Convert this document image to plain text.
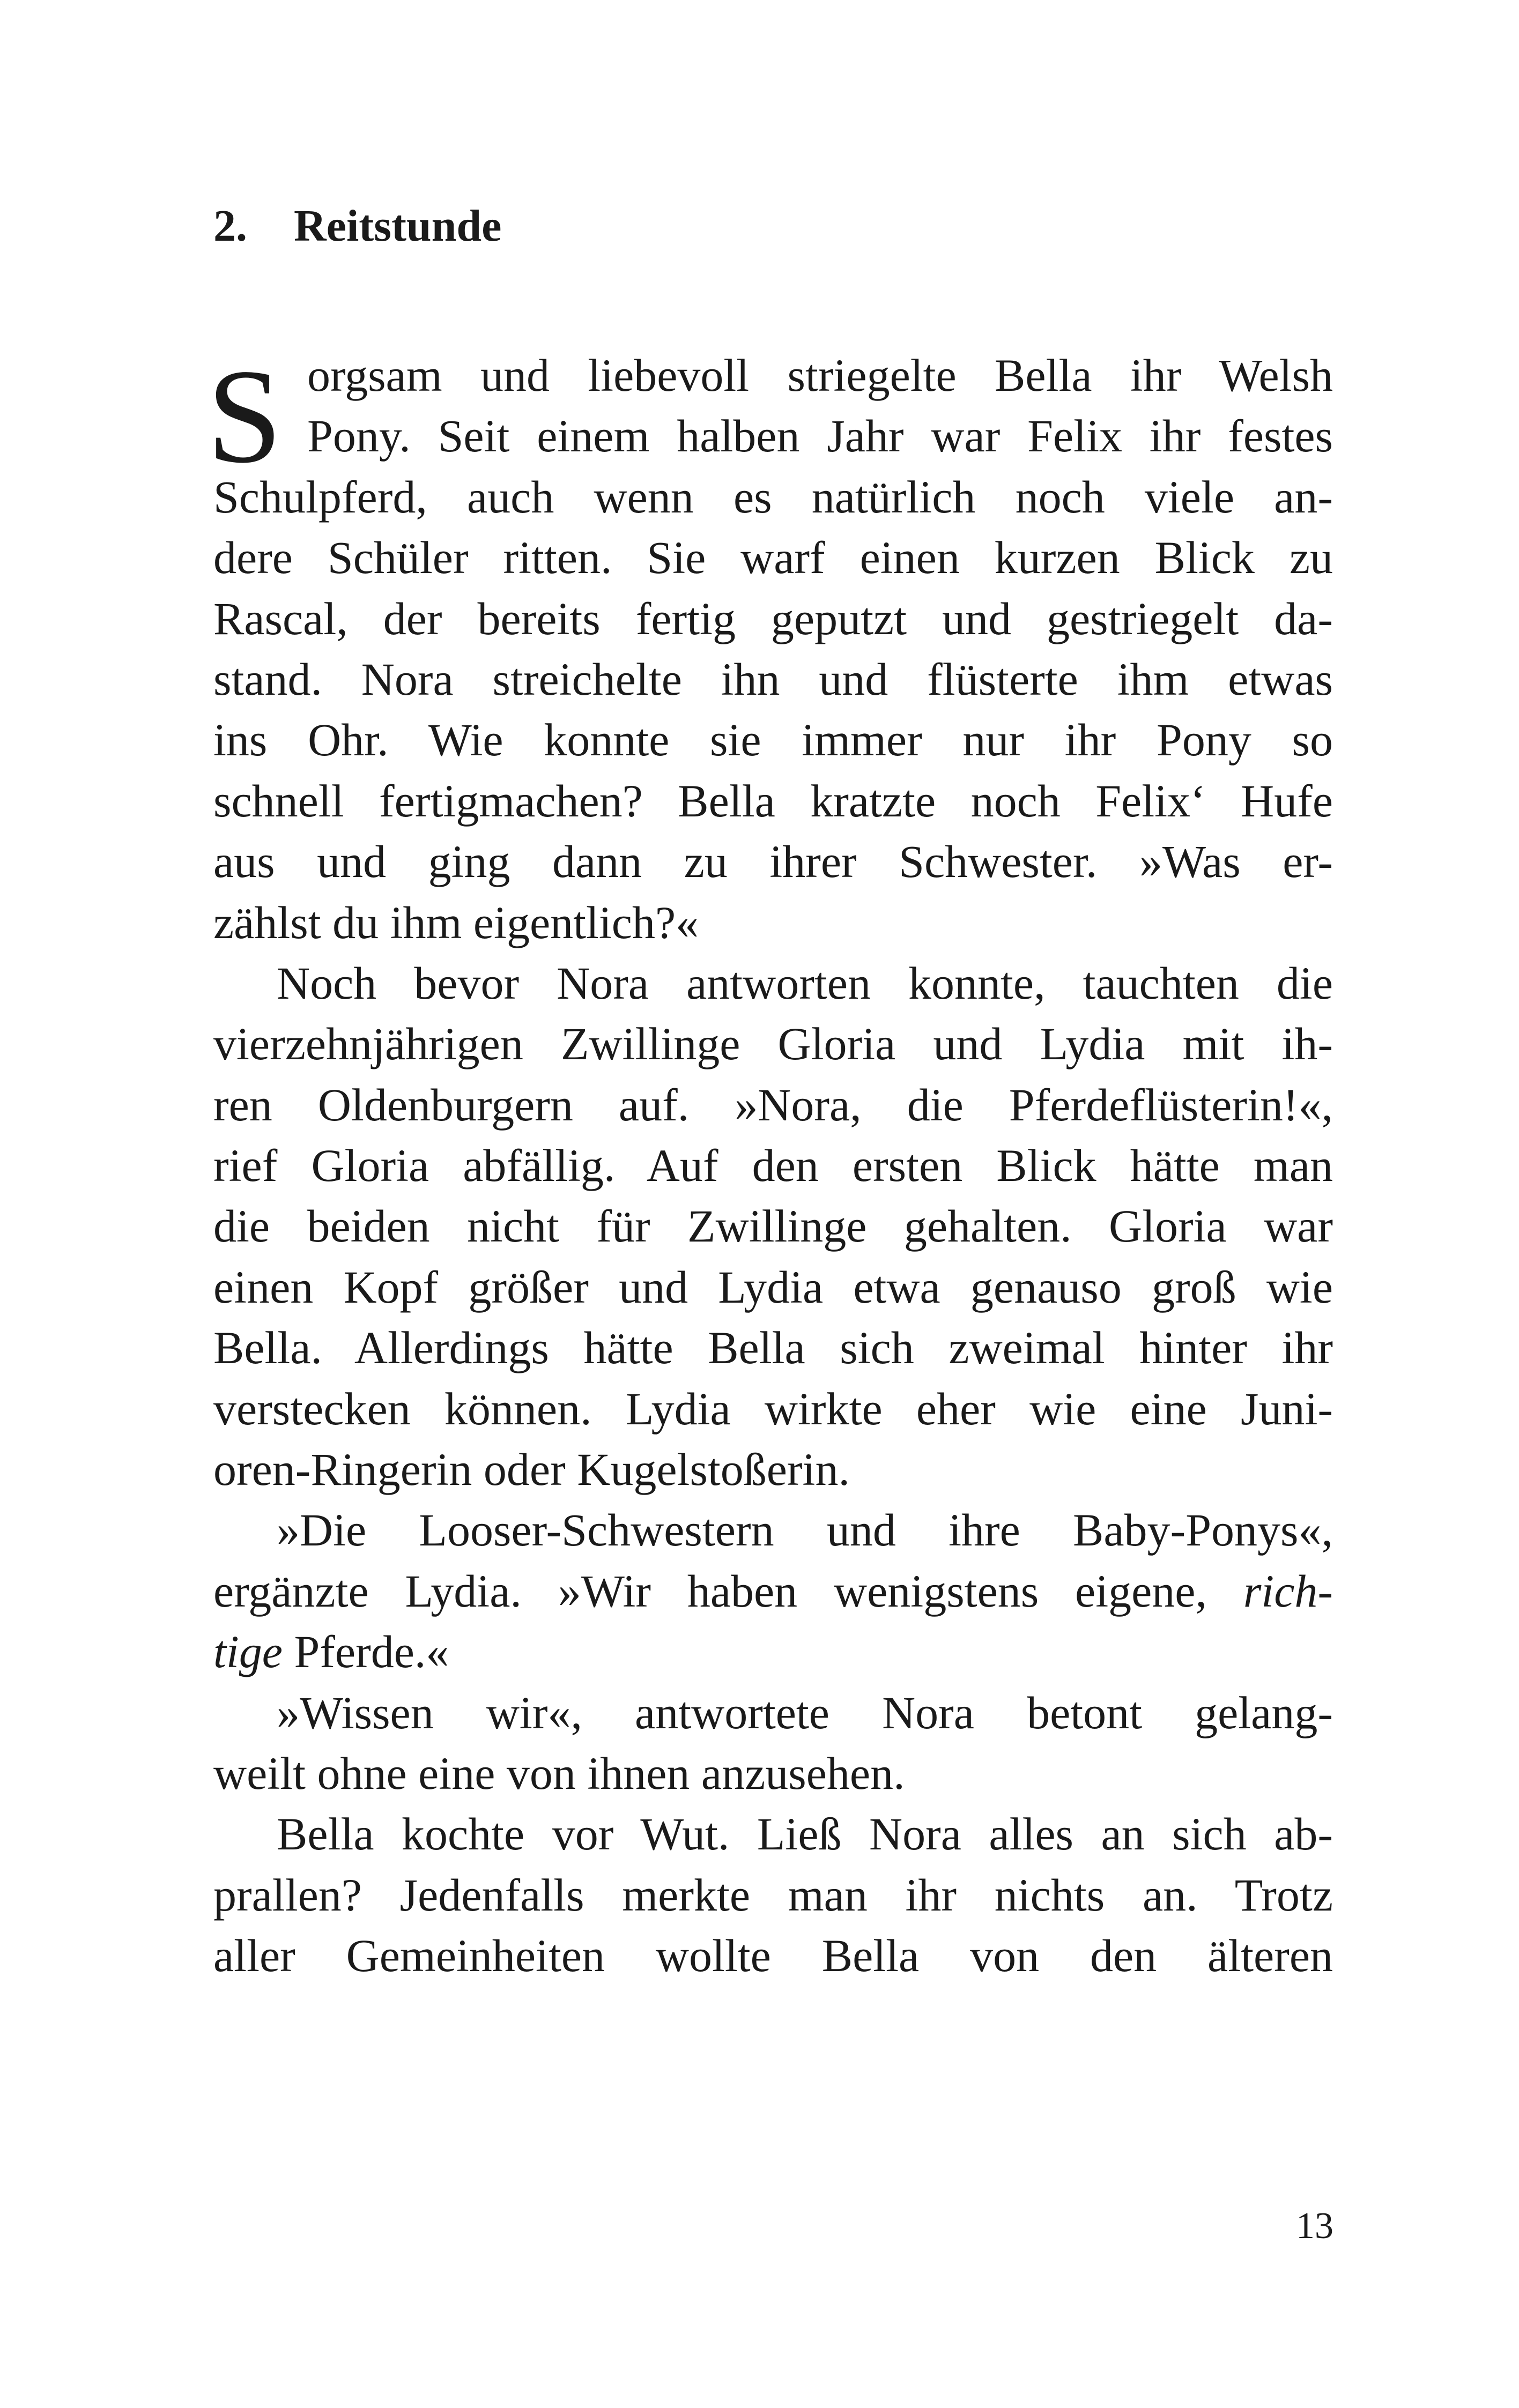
2. Reitstunde
S orgsam und liebevoll striegelte Bella ihr Welsh
Pony. Seit einem halben Jahr war Felix ihr festes
Schulpferd, auch wenn es natürlich noch viele an-
dere Schüler ritten. Sie warf einen kurzen Blick zu
Rascal, der bereits fertig geputzt und gestriegelt da-
stand. Nora streichelte ihn und flüsterte ihm etwas
ins Ohr. Wie konnte sie immer nur ihr Pony so
schnell fertigmachen? Bella kratzte noch Felix‘ Hufe
aus und ging dann zu ihrer Schwester. »Was er-
zählst du ihm eigentlich?«
Noch bevor Nora antworten konnte, tauchten die
vierzehnjährigen Zwillinge Gloria und Lydia mit ih-
ren Oldenburgern auf. »Nora, die Pferdeflüsterin!«,
rief Gloria abfällig. Auf den ersten Blick hätte man
die beiden nicht für Zwillinge gehalten. Gloria war
einen Kopf größer und Lydia etwa genauso groß wie
Bella. Allerdings hätte Bella sich zweimal hinter ihr
verstecken können. Lydia wirkte eher wie eine Juni-
oren-Ringerin oder Kugelstoßerin.
»Die Looser-Schwestern und ihre Baby-Ponys«,
ergänzte Lydia. »Wir haben wenigstens eigene, rich-
tige Pferde.«
»Wissen wir«, antwortete Nora betont gelang-
weilt ohne eine von ihnen anzusehen.
Bella kochte vor Wut. Ließ Nora alles an sich ab-
prallen? Jedenfalls merkte man ihr nichts an. Trotz
aller Gemeinheiten wollte Bella von den älteren
13
